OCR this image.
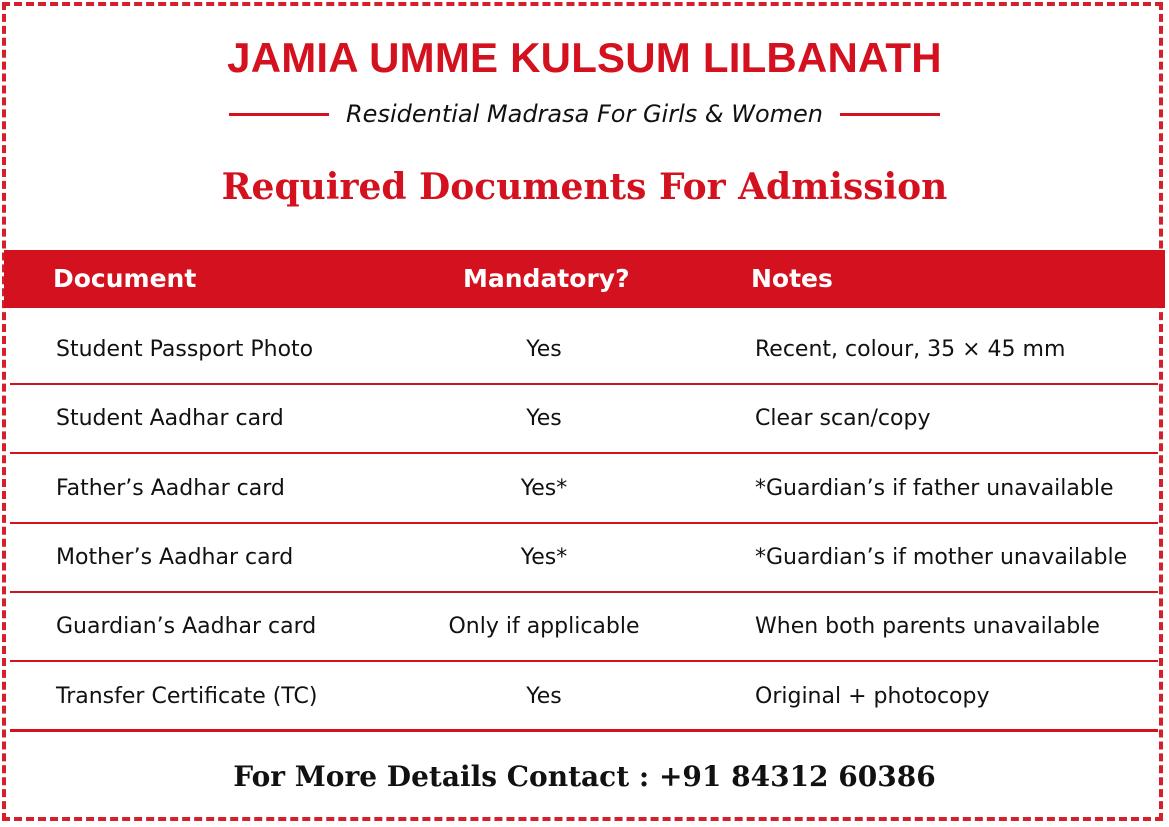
JAMIA UMME KULSUM LILBANATH
Residential Madrasa For Girls & Women
Required Documents For Admission
Document	Mandatory?	Notes
Student Passport Photo	Yes	Recent, colour, 35 × 45 mm
Student Aadhar card	Yes	Clear scan/copy
Father’s Aadhar card	Yes*	*Guardian’s if father unavailable
Mother’s Aadhar card	Yes*	*Guardian’s if mother unavailable
Guardian’s Aadhar card	Only if applicable	When both parents unavailable
Transfer Certificate (TC)	Yes	Original + photocopy
For More Details Contact : +91 84312 60386
